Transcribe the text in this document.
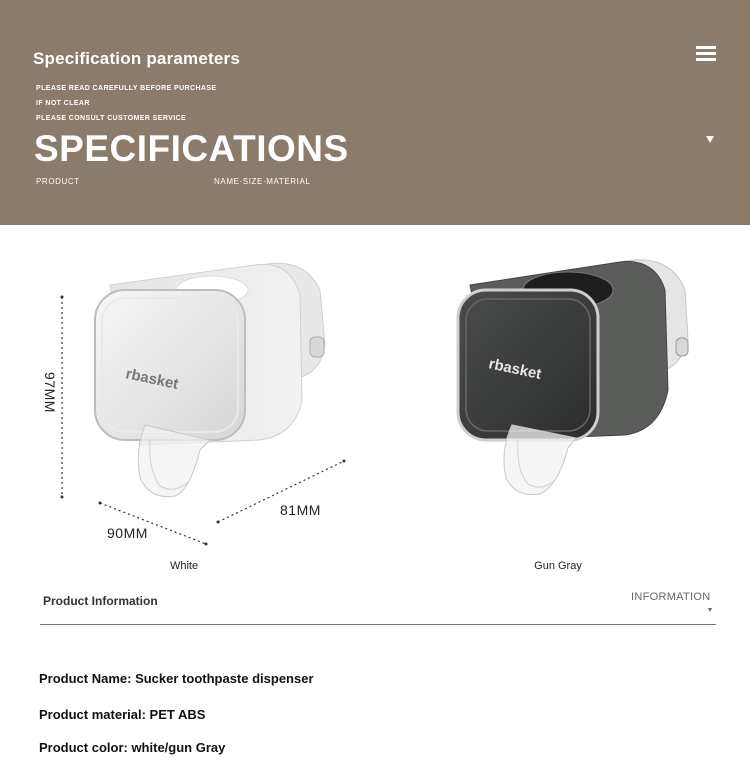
Specification parameters
PLEASE READ CAREFULLY BEFORE PURCHASE
IF NOT CLEAR
PLEASE CONSULT CUSTOMER SERVICE
SPECIFICATIONS
PRODUCT	NAME·SIZE·MATERIAL
rbasket
97MM
90MM
81MM
rbasket
White	Gun Gray
Product Information	INFORMATION
Product Name: Sucker toothpaste dispenser
Product material: PET ABS
Product color: white/gun Gray
